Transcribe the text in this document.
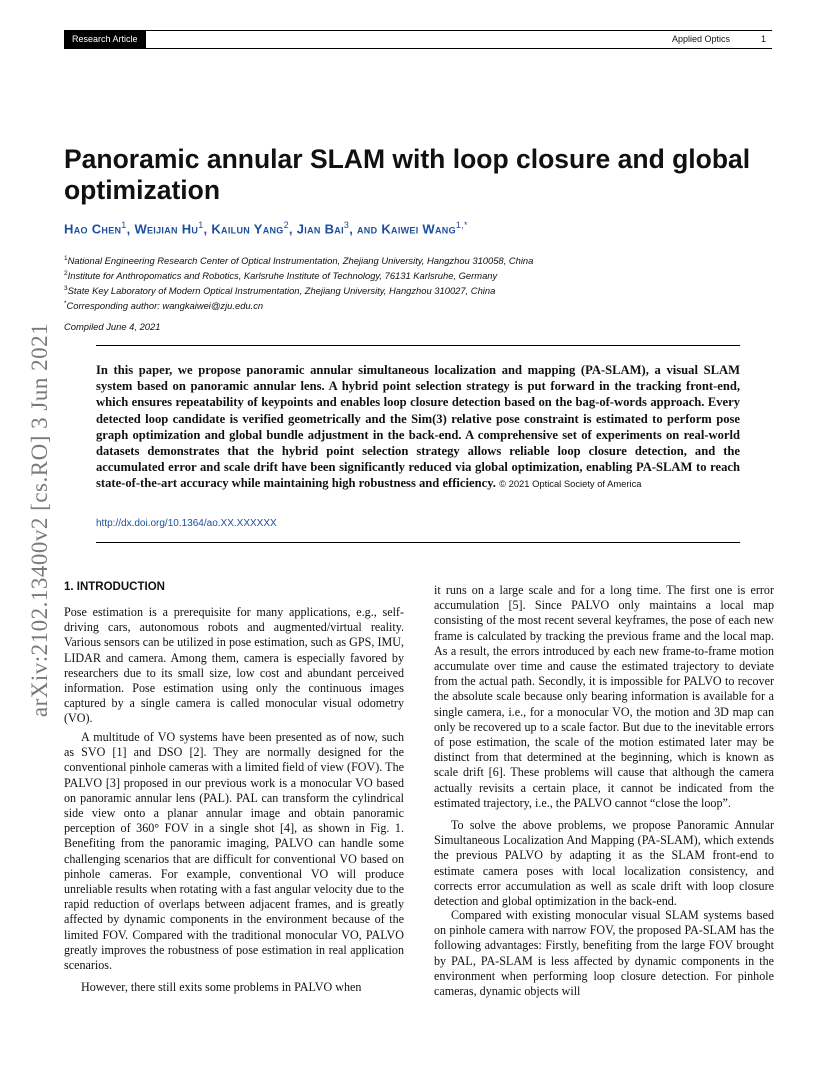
Research Article	Applied Optics	1
arXiv:2102.13400v2 [cs.RO] 3 Jun 2021
Panoramic annular SLAM with loop closure and global optimization
Hao Chen$^1$, Weijian Hu$^1$, Kailun Yang$^2$, Jian Bai$^3$, and Kaiwei Wang$^{1,*}$
$^1$National Engineering Research Center of Optical Instrumentation, Zhejiang University, Hangzhou 310058, China
$^2$Institute for Anthropomatics and Robotics, Karlsruhe Institute of Technology, 76131 Karlsruhe, Germany
$^3$State Key Laboratory of Modern Optical Instrumentation, Zhejiang University, Hangzhou 310027, China
*Corresponding author: wangkaiwei@zju.edu.cn
Compiled June 4, 2021

In this paper, we propose panoramic annular simultaneous localization and mapping (PA-SLAM), a visual SLAM system based on panoramic annular lens. A hybrid point selection strategy is put forward in the tracking front-end, which ensures repeatability of keypoints and enables loop closure detection based on the bag-of-words approach. Every detected loop candidate is verified geometrically and the Sim(3) relative pose constraint is estimated to perform pose graph optimization and global bundle adjustment in the back-end. A comprehensive set of experiments on real-world datasets demonstrates that the hybrid point selection strategy allows reliable loop closure detection, and the accumulated error and scale drift have been significantly reduced via global optimization, enabling PA-SLAM to reach state-of-the-art accuracy while maintaining high robustness and efficiency. © 2021 Optical Society of America

http://dx.doi.org/10.1364/ao.XX.XXXXXX
1. INTRODUCTION

Pose estimation is a prerequisite for many applications, e.g., self-driving cars, autonomous robots and augmented/virtual reality. Various sensors can be utilized in pose estimation, such as GPS, IMU, LIDAR and camera. Among them, camera is especially favored by researchers due to its small size, low cost and abundant perceived information. Pose estimation using only the continuous images captured by a single camera is called monocular visual odometry (VO).

A multitude of VO systems have been presented as of now, such as SVO [1] and DSO [2]. They are normally designed for the conventional pinhole cameras with a limited field of view (FOV). The PALVO [3] proposed in our previous work is a monocular VO based on panoramic annular lens (PAL). PAL can transform the cylindrical side view onto a planar annular image and obtain panoramic perception of 360° FOV in a single shot [4], as shown in Fig. 1. Benefiting from the panoramic imaging, PALVO can handle some challenging scenarios that are difficult for conventional VO based on pinhole cameras. For example, conventional VO will produce unreliable results when rotating with a fast angular velocity due to the rapid reduction of overlaps between adjacent frames, and is greatly affected by dynamic components in the environment because of the limited FOV. Compared with the traditional monocular VO, PALVO greatly improves the robustness of pose estimation in real application scenarios.

However, there still exits some problems in PALVO when

it runs on a large scale and for a long time. The first one is error accumulation [5]. Since PALVO only maintains a local map consisting of the most recent several keyframes, the pose of each new frame is calculated by tracking the previous frame and the local map. As a result, the errors introduced by each new frame-to-frame motion accumulate over time and cause the estimated trajectory to deviate from the actual path. Secondly, it is impossible for PALVO to recover the absolute scale because only bearing information is available for a single camera, i.e., for a monocular VO, the motion and 3D map can only be recovered up to a scale factor. But due to the inevitable errors of pose estimation, the scale of the motion estimated later may be distinct from that determined at the beginning, which is known as scale drift [6]. These problems will cause that although the camera actually revisits a certain place, it cannot be indicated from the estimated trajectory, i.e., the PALVO cannot “close the loop”.

To solve the above problems, we propose Panoramic Annular Simultaneous Localization And Mapping (PA-SLAM), which extends the previous PALVO by adapting it as the SLAM front-end to estimate camera poses with local localization consistency, and corrects error accumulation as well as scale drift with loop closure detection and global optimization in the back-end.

Compared with existing monocular visual SLAM systems based on pinhole camera with narrow FOV, the proposed PA-SLAM has the following advantages: Firstly, benefiting from the large FOV brought by PAL, PA-SLAM is less affected by dynamic components in the environment when performing loop closure detection. For pinhole cameras, dynamic objects will
